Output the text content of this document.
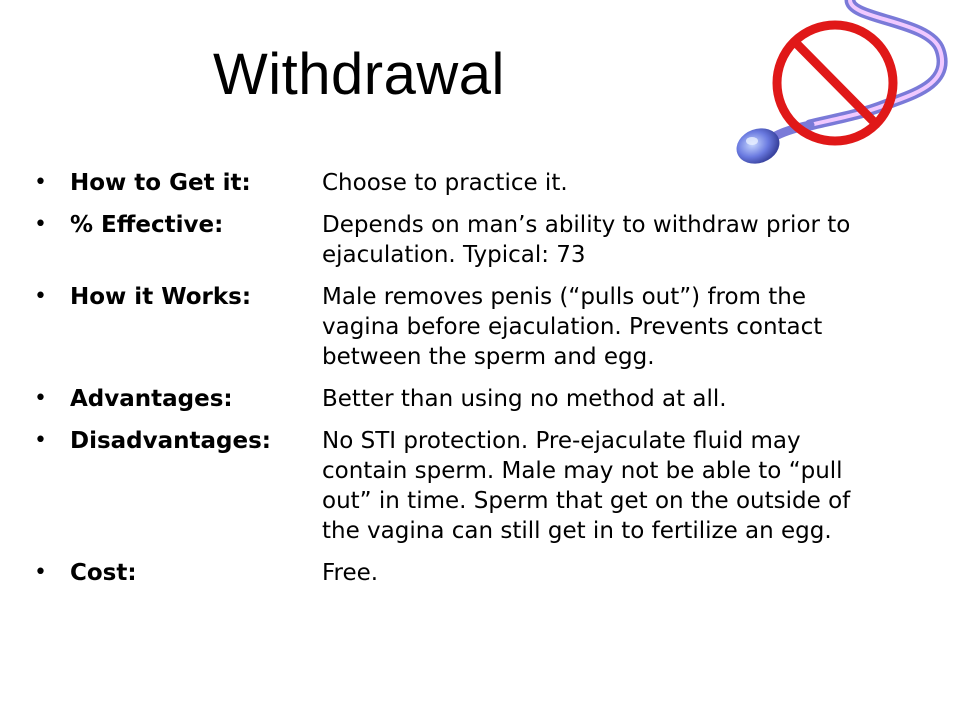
Withdrawal
•	How to Get it:	Choose to practice it.
•	% Effective:	Depends on man’s ability to withdraw prior to ejaculation. Typical: 73
•	How it Works:	Male removes penis (“pulls out”) from the vagina before ejaculation. Prevents contact between the sperm and egg.
•	Advantages:	Better than using no method at all.
•	Disadvantages:	No STI protection. Pre-ejaculate fluid may contain sperm. Male may not be able to “pull out” in time. Sperm that get on the outside of the vagina can still get in to fertilize an egg.
•	Cost:	Free.
